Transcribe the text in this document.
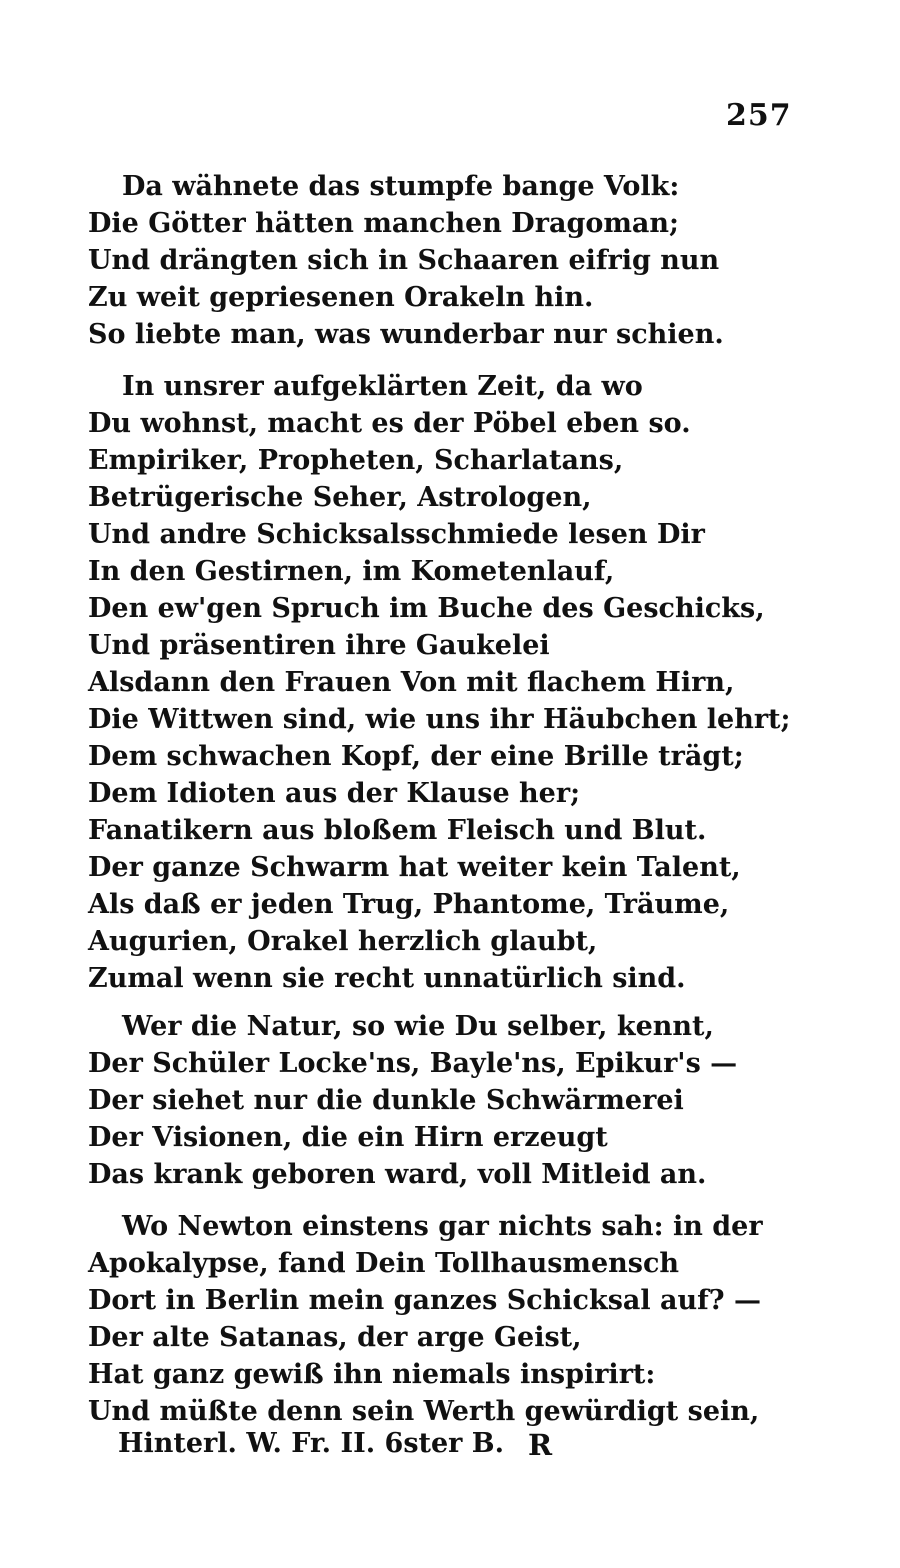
257
Da wähnete das stumpfe bange Volk:
Die Götter hätten manchen Dragoman;
Und drängten sich in Schaaren eifrig nun
Zu weit gepriesenen Orakeln hin.
So liebte man, was wunderbar nur schien.
In unsrer aufgeklärten Zeit, da wo
Du wohnst, macht es der Pöbel eben so.
Empiriker, Propheten, Scharlatans,
Betrügerische Seher, Astrologen,
Und andre Schicksalsschmiede lesen Dir
In den Gestirnen, im Kometenlauf,
Den ew'gen Spruch im Buche des Geschicks,
Und präsentiren ihre Gaukelei
Alsdann den Frauen Von mit flachem Hirn,
Die Wittwen sind, wie uns ihr Häubchen lehrt;
Dem schwachen Kopf, der eine Brille trägt;
Dem Idioten aus der Klause her;
Fanatikern aus bloßem Fleisch und Blut.
Der ganze Schwarm hat weiter kein Talent,
Als daß er jeden Trug, Phantome, Träume,
Augurien, Orakel herzlich glaubt,
Zumal wenn sie recht unnatürlich sind.
Wer die Natur, so wie Du selber, kennt,
Der Schüler Locke'ns, Bayle'ns, Epikur's —
Der siehet nur die dunkle Schwärmerei
Der Visionen, die ein Hirn erzeugt
Das krank geboren ward, voll Mitleid an.
Wo Newton einstens gar nichts sah: in der
Apokalypse, fand Dein Tollhausmensch
Dort in Berlin mein ganzes Schicksal auf? —
Der alte Satanas, der arge Geist,
Hat ganz gewiß ihn niemals inspirirt:
Und müßte denn sein Werth gewürdigt sein,
Hinterl. W. Fr. II. 6ster B. R
